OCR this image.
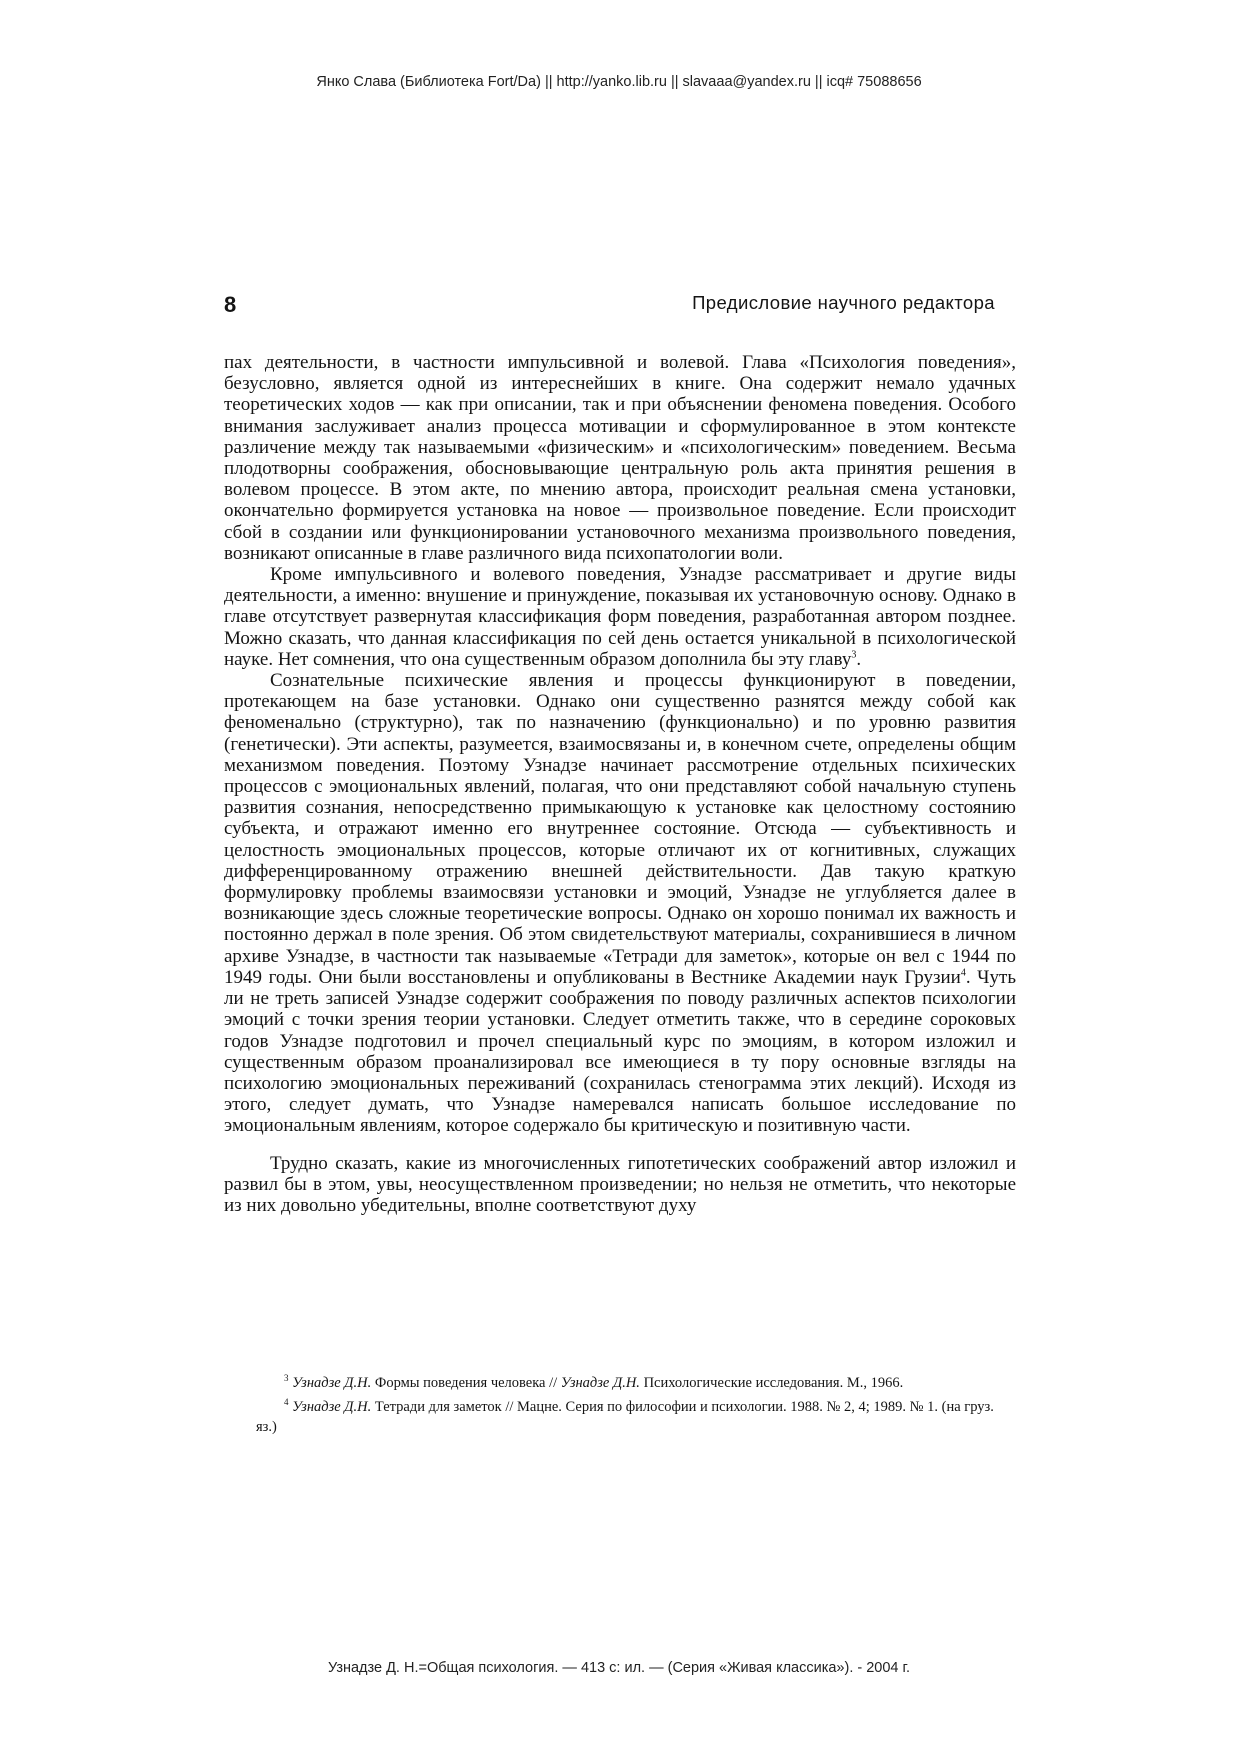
Янко Слава (Библиотека Fort/Da) || http://yanko.lib.ru || slavaaa@yandex.ru || icq# 75088656
8	Предисловие научного редактора

пах деятельности, в частности импульсивной и волевой. Глава «Психология поведения», безусловно, является одной из интереснейших в книге. Она содержит немало удачных теоретических ходов — как при описании, так и при объяснении феномена поведения. Особого внимания заслуживает анализ процесса мотивации и сформулированное в этом контексте различение между так называемыми «физическим» и «психологическим» поведением. Весьма плодотворны соображения, обосновывающие центральную роль акта принятия решения в волевом процессе. В этом акте, по мнению автора, происходит реальная смена установки, окончательно формируется установка на новое — произвольное поведение. Если происходит сбой в создании или функционировании установочного механизма произвольного поведения, возникают описанные в главе различного вида психопатологии воли.

Кроме импульсивного и волевого поведения, Узнадзе рассматривает и другие виды деятельности, а именно: внушение и принуждение, показывая их установочную основу. Однако в главе отсутствует развернутая классификация форм поведения, разработанная автором позднее. Можно сказать, что данная классификация по сей день остается уникальной в психологической науке. Нет сомнения, что она существенным образом дополнила бы эту главу$^3$.

Сознательные психические явления и процессы функционируют в поведении, протекающем на базе установки. Однако они существенно разнятся между собой как феноменально (структурно), так по назначению (функционально) и по уровню развития (генетически). Эти аспекты, разумеется, взаимосвязаны и, в конечном счете, определены общим механизмом поведения. Поэтому Узнадзе начинает рассмотрение отдельных психических процессов с эмоциональных явлений, полагая, что они представляют собой начальную ступень развития сознания, непосредственно примыкающую к установке как целостному состоянию субъекта, и отражают именно его внутреннее состояние. Отсюда — субъективность и целостность эмоциональных процессов, которые отличают их от когнитивных, служащих дифференцированному отражению внешней действительности. Дав такую краткую формулировку проблемы взаимосвязи установки и эмоций, Узнадзе не углубляется далее в возникающие здесь сложные теоретические вопросы. Однако он хорошо понимал их важность и постоянно держал в поле зрения. Об этом свидетельствуют материалы, сохранившиеся в личном архиве Узнадзе, в частности так называемые «Тетради для заметок», которые он вел с 1944 по 1949 годы. Они были восстановлены и опубликованы в Вестнике Академии наук Грузии$^4$. Чуть ли не треть записей Узнадзе содержит соображения по поводу различных аспектов психологии эмоций с точки зрения теории установки. Следует отметить также, что в середине сороковых годов Узнадзе подготовил и прочел специальный курс по эмоциям, в котором изложил и существенным образом проанализировал все имеющиеся в ту пору основные взгляды на психологию эмоциональных переживаний (сохранилась стенограмма этих лекций). Исходя из этого, следует думать, что Узнадзе намеревался написать большое исследование по эмоциональным явлениям, которое содержало бы критическую и позитивную части.

Трудно сказать, какие из многочисленных гипотетических соображений автор изложил и развил бы в этом, увы, неосуществленном произведении; но нельзя не отметить, что некоторые из них довольно убедительны, вполне соответствуют духу

$^3$ Узнадзе Д.Н. Формы поведения человека // Узнадзе Д.Н. Психологические исследования. М., 1966.

$^4$ Узнадзе Д.Н. Тетради для заметок // Мацне. Серия по философии и психологии. 1988. № 2, 4; 1989. № 1. (на груз. яз.)

Узнадзе Д. Н.=Общая психология. — 413 с: ил. — (Серия «Живая классика»). - 2004 г.
